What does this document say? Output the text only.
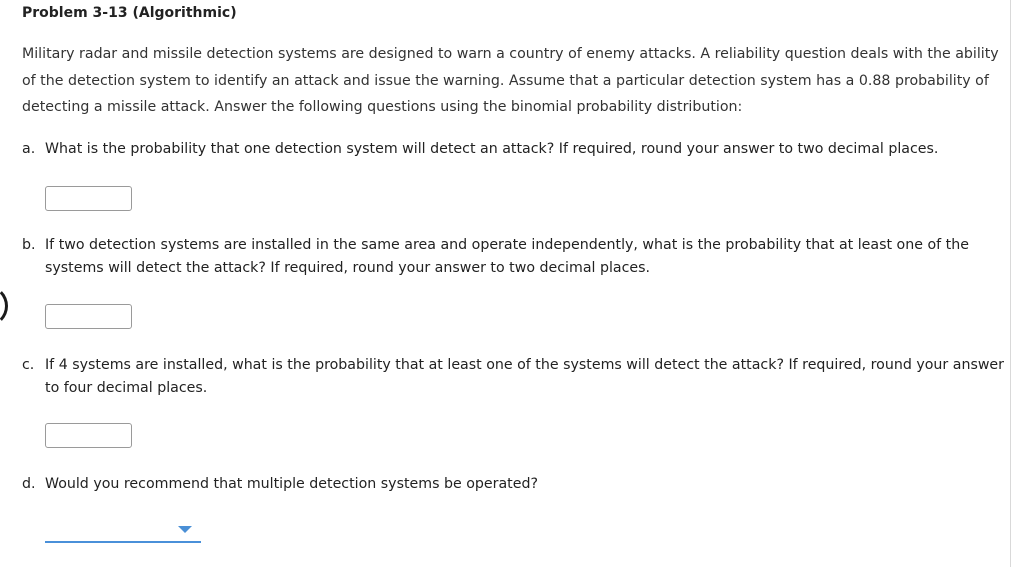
Problem 3-13 (Algorithmic)
Military radar and missile detection systems are designed to warn a country of enemy attacks. A reliability question deals with the ability of the detection system to identify an attack and issue the warning. Assume that a particular detection system has a 0.88 probability of detecting a missile attack. Answer the following questions using the binomial probability distribution:
a. What is the probability that one detection system will detect an attack? If required, round your answer to two decimal places.
b. If two detection systems are installed in the same area and operate independently, what is the probability that at least one of the systems will detect the attack? If required, round your answer to two decimal places.
c. If 4 systems are installed, what is the probability that at least one of the systems will detect the attack? If required, round your answer to four decimal places.
d. Would you recommend that multiple detection systems be operated?
